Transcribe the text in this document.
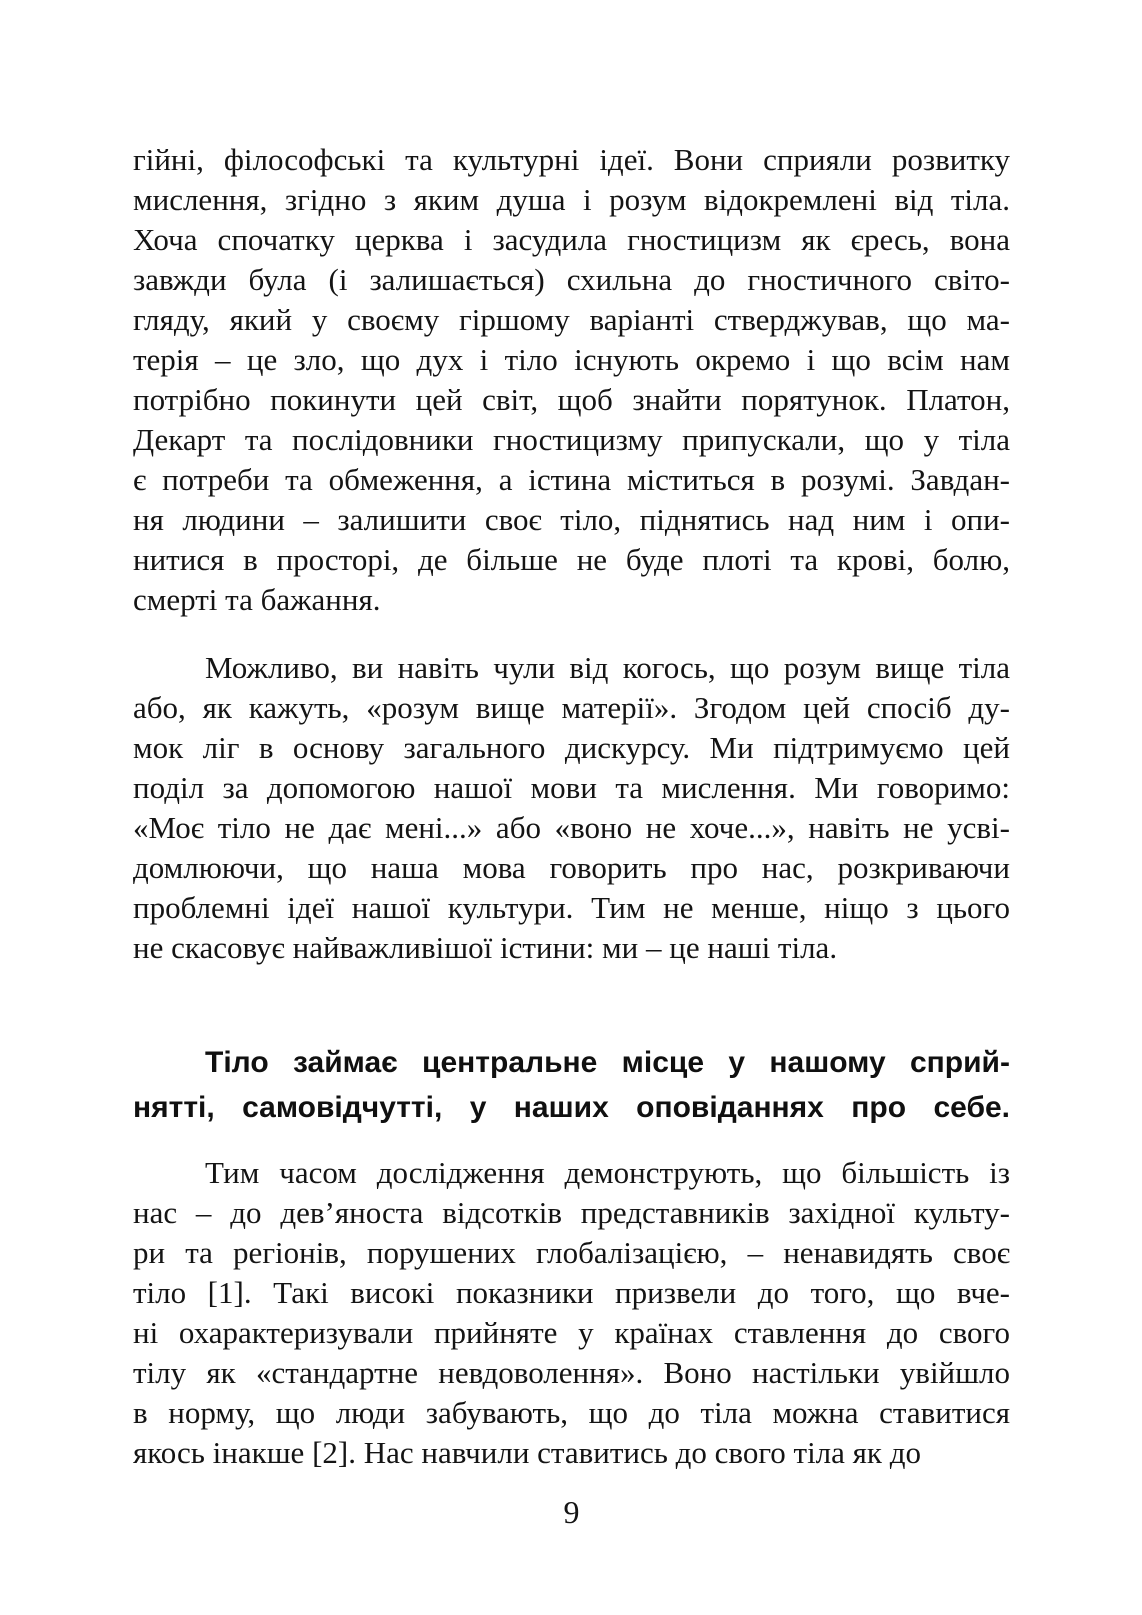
гійні, філософські та культурні ідеї. Вони сприяли розвитку
мислення, згідно з яким душа і розум відокремлені від тіла.
Хоча спочатку церква і засудила гностицизм як єресь, вона
завжди була (і залишається) схильна до гностичного світо-
гляду, який у своєму гіршому варіанті стверджував, що ма-
терія – це зло, що дух і тіло існують окремо і що всім нам
потрібно покинути цей світ, щоб знайти порятунок. Платон,
Декарт та послідовники гностицизму припускали, що у тіла
є потреби та обмеження, а істина міститься в розумі. Завдан-
ня людини – залишити своє тіло, піднятись над ним і опи-
нитися в просторі, де більше не буде плоті та крові, болю,
смерті та бажання.
Можливо, ви навіть чули від когось, що розум вище тіла
або, як кажуть, «розум вище матерії». Згодом цей спосіб ду-
мок ліг в основу загального дискурсу. Ми підтримуємо цей
поділ за допомогою нашої мови та мислення. Ми говоримо:
«Моє тіло не дає мені...» або «воно не хоче...», навіть не усві-
домлюючи, що наша мова говорить про нас, розкриваючи
проблемні ідеї нашої культури. Тим не менше, ніщо з цього
не скасовує найважливішої істини: ми – це наші тіла.
Тіло займає центральне місце у нашому сприй-
нятті, самовідчутті, у наших оповіданнях про себе.
Тим часом дослідження демонструють, що більшість із
нас – до дев’яноста відсотків представників західної культу-
ри та регіонів, порушених глобалізацією, – ненавидять своє
тіло [1]. Такі високі показники призвели до того, що вче-
ні охарактеризували прийняте у країнах ставлення до свого
тілу як «стандартне невдоволення». Воно настільки увійшло
в норму, що люди забувають, що до тіла можна ставитися
якось інакше [2]. Нас навчили ставитись до свого тіла як до
9
